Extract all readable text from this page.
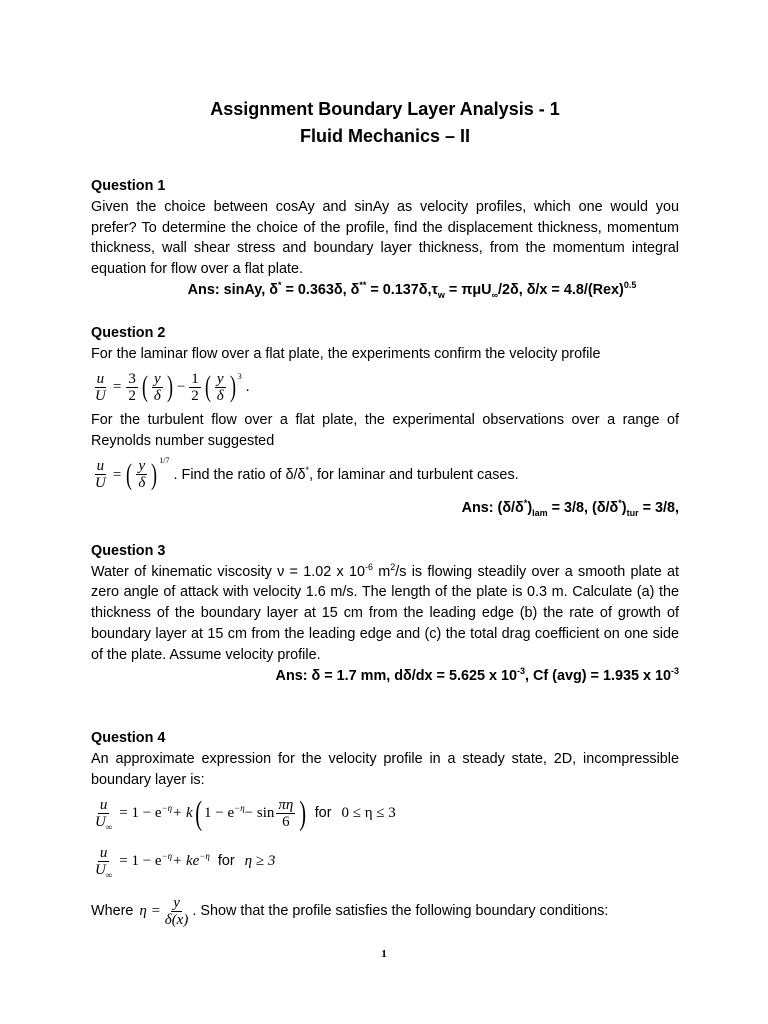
Assignment Boundary Layer Analysis - 1

Fluid Mechanics – II

Question 1

Given the choice between cosAy and sinAy as velocity profiles, which one would you prefer? To determine the choice of the profile, find the displacement thickness, momentum thickness, wall shear stress and boundary layer thickness, from the momentum integral equation for flow over a flat plate.

Ans: sinAy, δ* = 0.363δ, $\delta^{**} = 0.137\delta,\tau_w = \pi\mu U_\infty/2\delta$, δ/x = 4.8/(Rex)$^{0.5}$

Question 2

For the laminar flow over a flat plate, the experiments confirm the velocity profile

$\frac{u}{U} = \frac{3}{2}$ ( $\frac{y}{\delta}$ ) − $\frac{1}{2}$ ( $\frac{y}{\delta}$ ) $^3$
.

For the turbulent flow over a flat plate, the experimental observations over a range of Reynolds number suggested

$\frac{u}{U}$ = ( $\frac{y}{\delta}$ ) $^{1/7}$
. Find the ratio of δ/δ*, for laminar and turbulent cases.

Ans: $(\delta/\delta^*)_{lam} = 3/8$, $(\delta/\delta^*)_{tur} = 3/8$,

Question 3

Water of kinematic viscosity ν = 1.02 x $10^{-6}$ $m^2/s$ is flowing steadily over a smooth plate at zero angle of attack with velocity 1.6 m/s. The length of the plate is 0.3 m. Calculate (a) the thickness of the boundary layer at 15 cm from the leading edge (b) the rate of growth of boundary layer at 15 cm from the leading edge and (c) the total drag coefficient on one side of the plate. Assume velocity profile.

Ans: δ = 1.7 mm, dδ/dx = 5.625 x $10^{-3}$, Cf (avg) = 1.935 x $10^{-3}$

Question 4

An approximate expression for the velocity profile in a steady state, 2D, incompressible boundary layer is:

$\frac{u}{U_\infty} = 1 - e^{-\eta} + k$ ( $1 - e^{-\eta} - \sin \frac{\pi\eta}{6}$ ) for 0 ≤ η ≤ 3
$\frac{u}{U_\infty} = 1 - e^{-\eta} + ke^{-\eta}$ for η ≥ 3
Where $\eta = \frac{y}{\delta(x)}$ . Show that the profile satisfies the following boundary conditions:
1
